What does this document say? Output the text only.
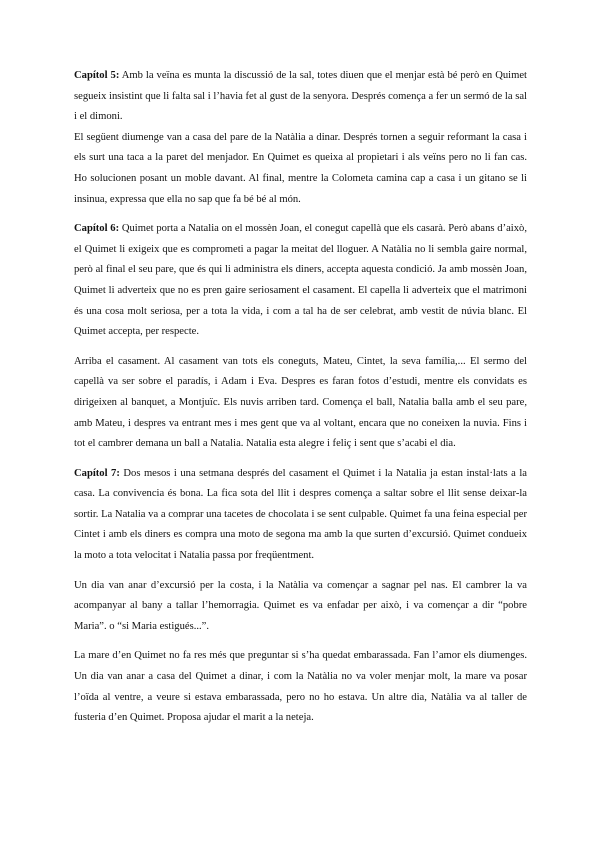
Capítol 5: Amb la veïna es munta la discussió de la sal, totes diuen que el menjar està bé però en Quimet segueix insistint que li falta sal i l’havia fet al gust de la senyora. Després comença a fer un sermó de la sal i el dimoni.

El següent diumenge van a casa del pare de la Natàlia a dinar. Després tornen a seguir reformant la casa i els surt una taca a la paret del menjador. En Quimet es queixa al propietari i als veïns pero no li fan cas. Ho solucionen posant un moble davant. Al final, mentre la Colometa camina cap a casa i un gitano se li insinua, expressa que ella no sap que fa bé bé al món.

Capítol 6: Quimet porta a Natalia on el mossèn Joan, el conegut capellà que els casarà. Però abans d’això, el Quimet li exigeix que es comprometi a pagar la meitat del lloguer. A Natàlia no li sembla gaire normal, però al final el seu pare, que és qui li administra els diners, accepta aquesta condició. Ja amb mossèn Joan, Quimet li adverteix que no es pren gaire seriosament el casament. El capella li adverteix que el matrimoni és una cosa molt seriosa, per a tota la vida, i com a tal ha de ser celebrat, amb vestit de núvia blanc. El Quimet accepta, per respecte.

Arriba el casament. Al casament van tots els coneguts, Mateu, Cintet, la seva família,... El sermo del capellà va ser sobre el paradís, i Adam i Eva. Despres es faran fotos d’estudi, mentre els convidats es dirigeixen al banquet, a Montjuïc. Els nuvis arriben tard. Comença el ball, Natalia balla amb el seu pare, amb Mateu, i despres va entrant mes i mes gent que va al voltant, encara que no coneixen la nuvia. Fins i tot el cambrer demana un ball a Natalia. Natalia esta alegre i feliç i sent que s’acabi el dia.

Capítol 7: Dos mesos i una setmana després del casament el Quimet i la Natalia ja estan instal·lats a la casa. La convivencia és bona. La fica sota del llit i despres comença a saltar sobre el llit sense deixar-la sortir. La Natalia va a comprar una tacetes de chocolata i se sent culpable. Quimet fa una feina especial per Cintet i amb els diners es compra una moto de segona ma amb la que surten d’excursió. Quimet condueix la moto a tota velocitat i Natalia passa por freqüentment.

Un dia van anar d’excursió per la costa, i la Natàlia va començar a sagnar pel nas. El cambrer la va acompanyar al bany a tallar l’hemorragia. Quimet es va enfadar per això, i va començar a dir “pobre Maria”. o “si Maria estigués...”.

La mare d’en Quimet no fa res més que preguntar si s’ha quedat embarassada. Fan l’amor els diumenges. Un dia van anar a casa del Quimet a dinar, i com la Natàlia no va voler menjar molt, la mare va posar l’oïda al ventre, a veure si estava embarassada, pero no ho estava. Un altre dia, Natàlia va al taller de fusteria d’en Quimet. Proposa ajudar el marit a la neteja.
